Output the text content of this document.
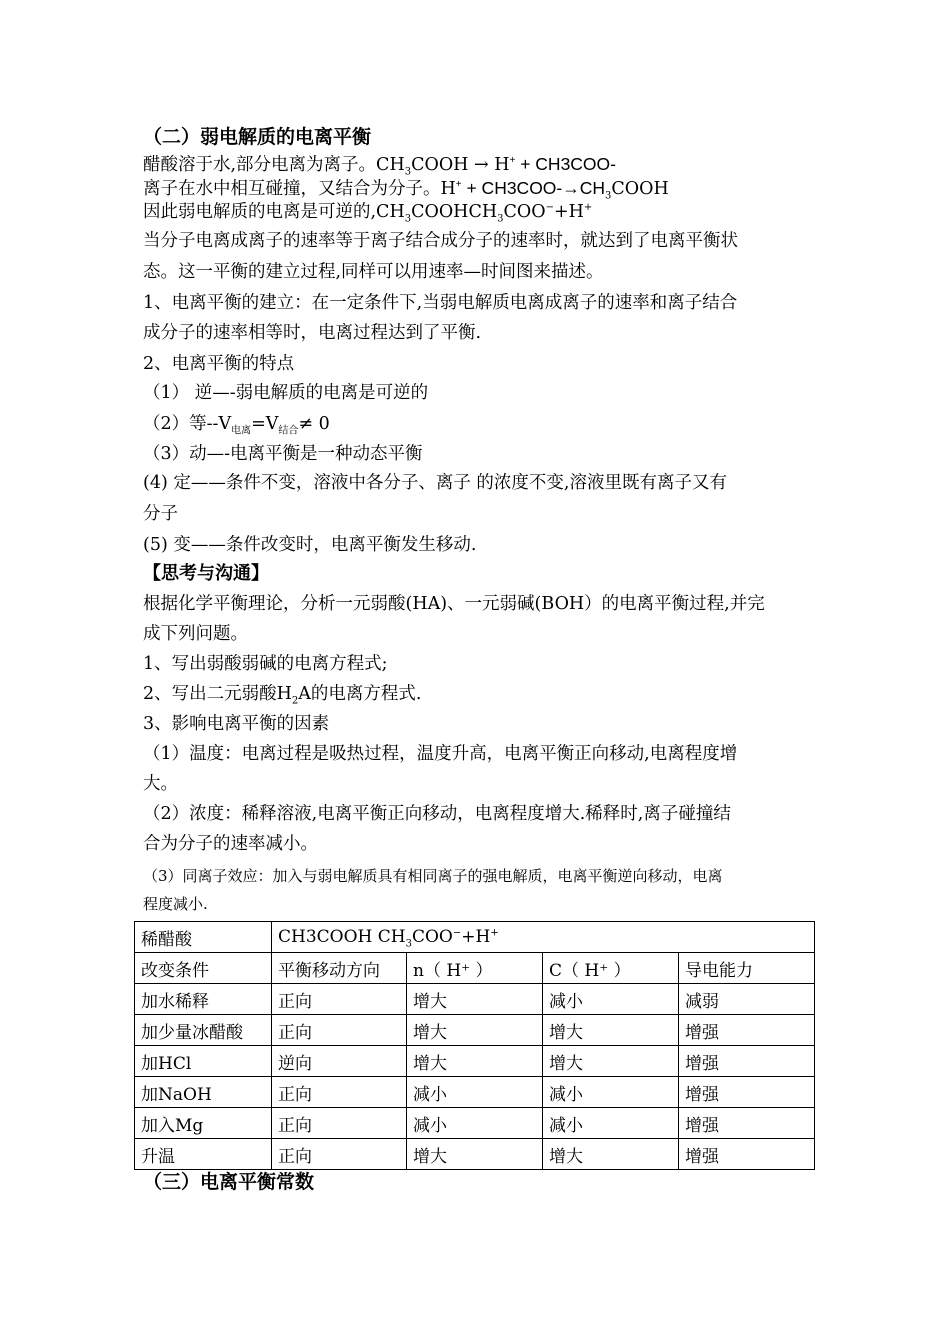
（二）弱电解质的电离平衡
醋酸溶于水,部分电离为离子。$CH_3COOH \to H^+ + CH3COO-$
离子在水中相互碰撞，又结合为分子。$H^+ + CH3COO-\to CH_3COOH$
因此弱电解质的电离是可逆的$,CH_3COOHCH_3COO^-+H^+$
当分子电离成离子的速率等于离子结合成分子的速率时，就达到了电离平衡状
态。这一平衡的建立过程,同样可以用速率—时间图来描述。
1、电离平衡的建立：在一定条件下,当弱电解质电离成离子的速率和离子结合
成分子的速率相等时，电离过程达到了平衡.
2、电离平衡的特点
（1） 逆—-弱电解质的电离是可逆的
（2）等$--V_{电离}=V_{结合}\ne 0$
（3）动—-电离平衡是一种动态平衡
(4) 定——条件不变，溶液中各分子、离子 的浓度不变,溶液里既有离子又有
分子
(5) 变——条件改变时，电离平衡发生移动.
【思考与沟通】
根据化学平衡理论，分析一元弱酸(HA)、一元弱碱(BOH）的电离平衡过程,并完
成下列问题。
1、写出弱酸弱碱的电离方程式;
2、写出二元弱酸$H_2A$的电离方程式.
3、影响电离平衡的因素
（1）温度：电离过程是吸热过程，温度升高，电离平衡正向移动,电离程度增
大。
（2）浓度：稀释溶液,电离平衡正向移动，电离程度增大.稀释时,离子碰撞结
合为分子的速率减小。
（3）同离子效应：加入与弱电解质具有相同离子的强电解质，电离平衡逆向移动，电离
程度减小.
稀醋酸	CH3COOH $CH_3COO^-+H^+$
改变条件	平衡移动方向	n（ H⁺ ）	C（ H⁺ ）	导电能力
加水稀释	正向	增大	减小	减弱
加少量冰醋酸	正向	增大	增大	增强
加HCl	逆向	增大	增大	增强
加NaOH	正向	减小	减小	增强
加入Mg	正向	减小	减小	增强
升温	正向	增大	增大	增强
（三）电离平衡常数
